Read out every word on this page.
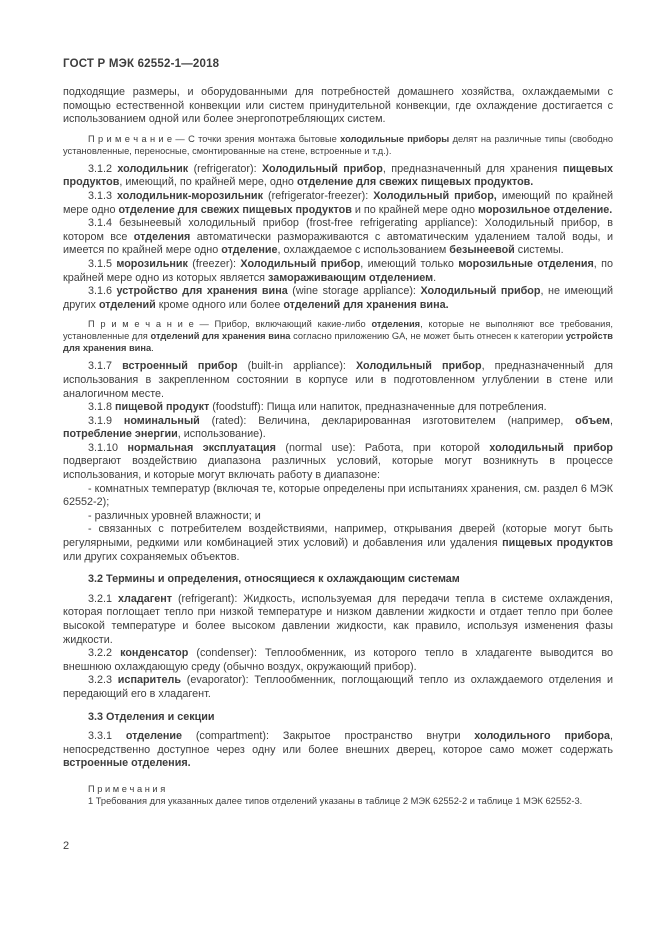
ГОСТ Р МЭК 62552-1—2018

подходящие размеры, и оборудованными для потребностей домашнего хозяйства, охлаждаемыми с помощью естественной конвекции или систем принудительной конвекции, где охлаждение достигается с использованием одной или более энергопотребляющих систем.

П р и м е ч а н и е — С точки зрения монтажа бытовые холодильные приборы делят на различные типы (свободно установленные, переносные, смонтированные на стене, встроенные и т.д.).

3.1.2 холодильник (refrigerator): Холодильный прибор, предназначенный для хранения пищевых продуктов, имеющий, по крайней мере, одно отделение для свежих пищевых продуктов.

3.1.3 холодильник-морозильник (refrigerator-freezer): Холодильный прибор, имеющий по крайней мере одно отделение для свежих пищевых продуктов и по крайней мере одно морозильное отделение.

3.1.4 безынеевый холодильный прибор (frost-free refrigerating appliance): Холодильный прибор, в котором все отделения автоматически размораживаются с автоматическим удалением талой воды, и имеется по крайней мере одно отделение, охлаждаемое с использованием безынеевой системы.

3.1.5 морозильник (freezer): Холодильный прибор, имеющий только морозильные отделения, по крайней мере одно из которых является замораживающим отделением.

3.1.6 устройство для хранения вина (wine storage appliance): Холодильный прибор, не имеющий других отделений кроме одного или более отделений для хранения вина.

П р и м е ч а н и е — Прибор, включающий какие-либо отделения, которые не выполняют все требования, установленные для отделений для хранения вина согласно приложению GA, не может быть отнесен к категории устройств для хранения вина.

3.1.7 встроенный прибор (built-in appliance): Холодильный прибор, предназначенный для использования в закрепленном состоянии в корпусе или в подготовленном углублении в стене или аналогичном месте.

3.1.8 пищевой продукт (foodstuff): Пища или напиток, предназначенные для потребления.

3.1.9 номинальный (rated): Величина, декларированная изготовителем (например, объем, потребление энергии, использование).

3.1.10 нормальная эксплуатация (normal use): Работа, при которой холодильный прибор подвергают воздействию диапазона различных условий, которые могут возникнуть в процессе использования, и которые могут включать работу в диапазоне:

- комнатных температур (включая те, которые определены при испытаниях хранения, см. раздел 6 МЭК 62552-2);

- различных уровней влажности; и

- связанных с потребителем воздействиями, например, открывания дверей (которые могут быть регулярными, редкими или комбинацией этих условий) и добавления или удаления пищевых продуктов или других сохраняемых объектов.

3.2 Термины и определения, относящиеся к охлаждающим системам

3.2.1 хладагент (refrigerant): Жидкость, используемая для передачи тепла в системе охлаждения, которая поглощает тепло при низкой температуре и низком давлении жидкости и отдает тепло при более высокой температуре и более высоком давлении жидкости, как правило, используя изменения фазы жидкости.

3.2.2 конденсатор (condenser): Теплообменник, из которого тепло в хладагенте выводится во внешнюю охлаждающую среду (обычно воздух, окружающий прибор).

3.2.3 испаритель (evaporator): Теплообменник, поглощающий тепло из охлаждаемого отделения и передающий его в хладагент.

3.3 Отделения и секции

3.3.1 отделение (compartment): Закрытое пространство внутри холодильного прибора, непосредственно доступное через одну или более внешних дверец, которое само может содержать встроенные отделения.

П р и м е ч а н и я

1 Требования для указанных далее типов отделений указаны в таблице 2 МЭК 62552-2 и таблице 1 МЭК 62552-3.

2
